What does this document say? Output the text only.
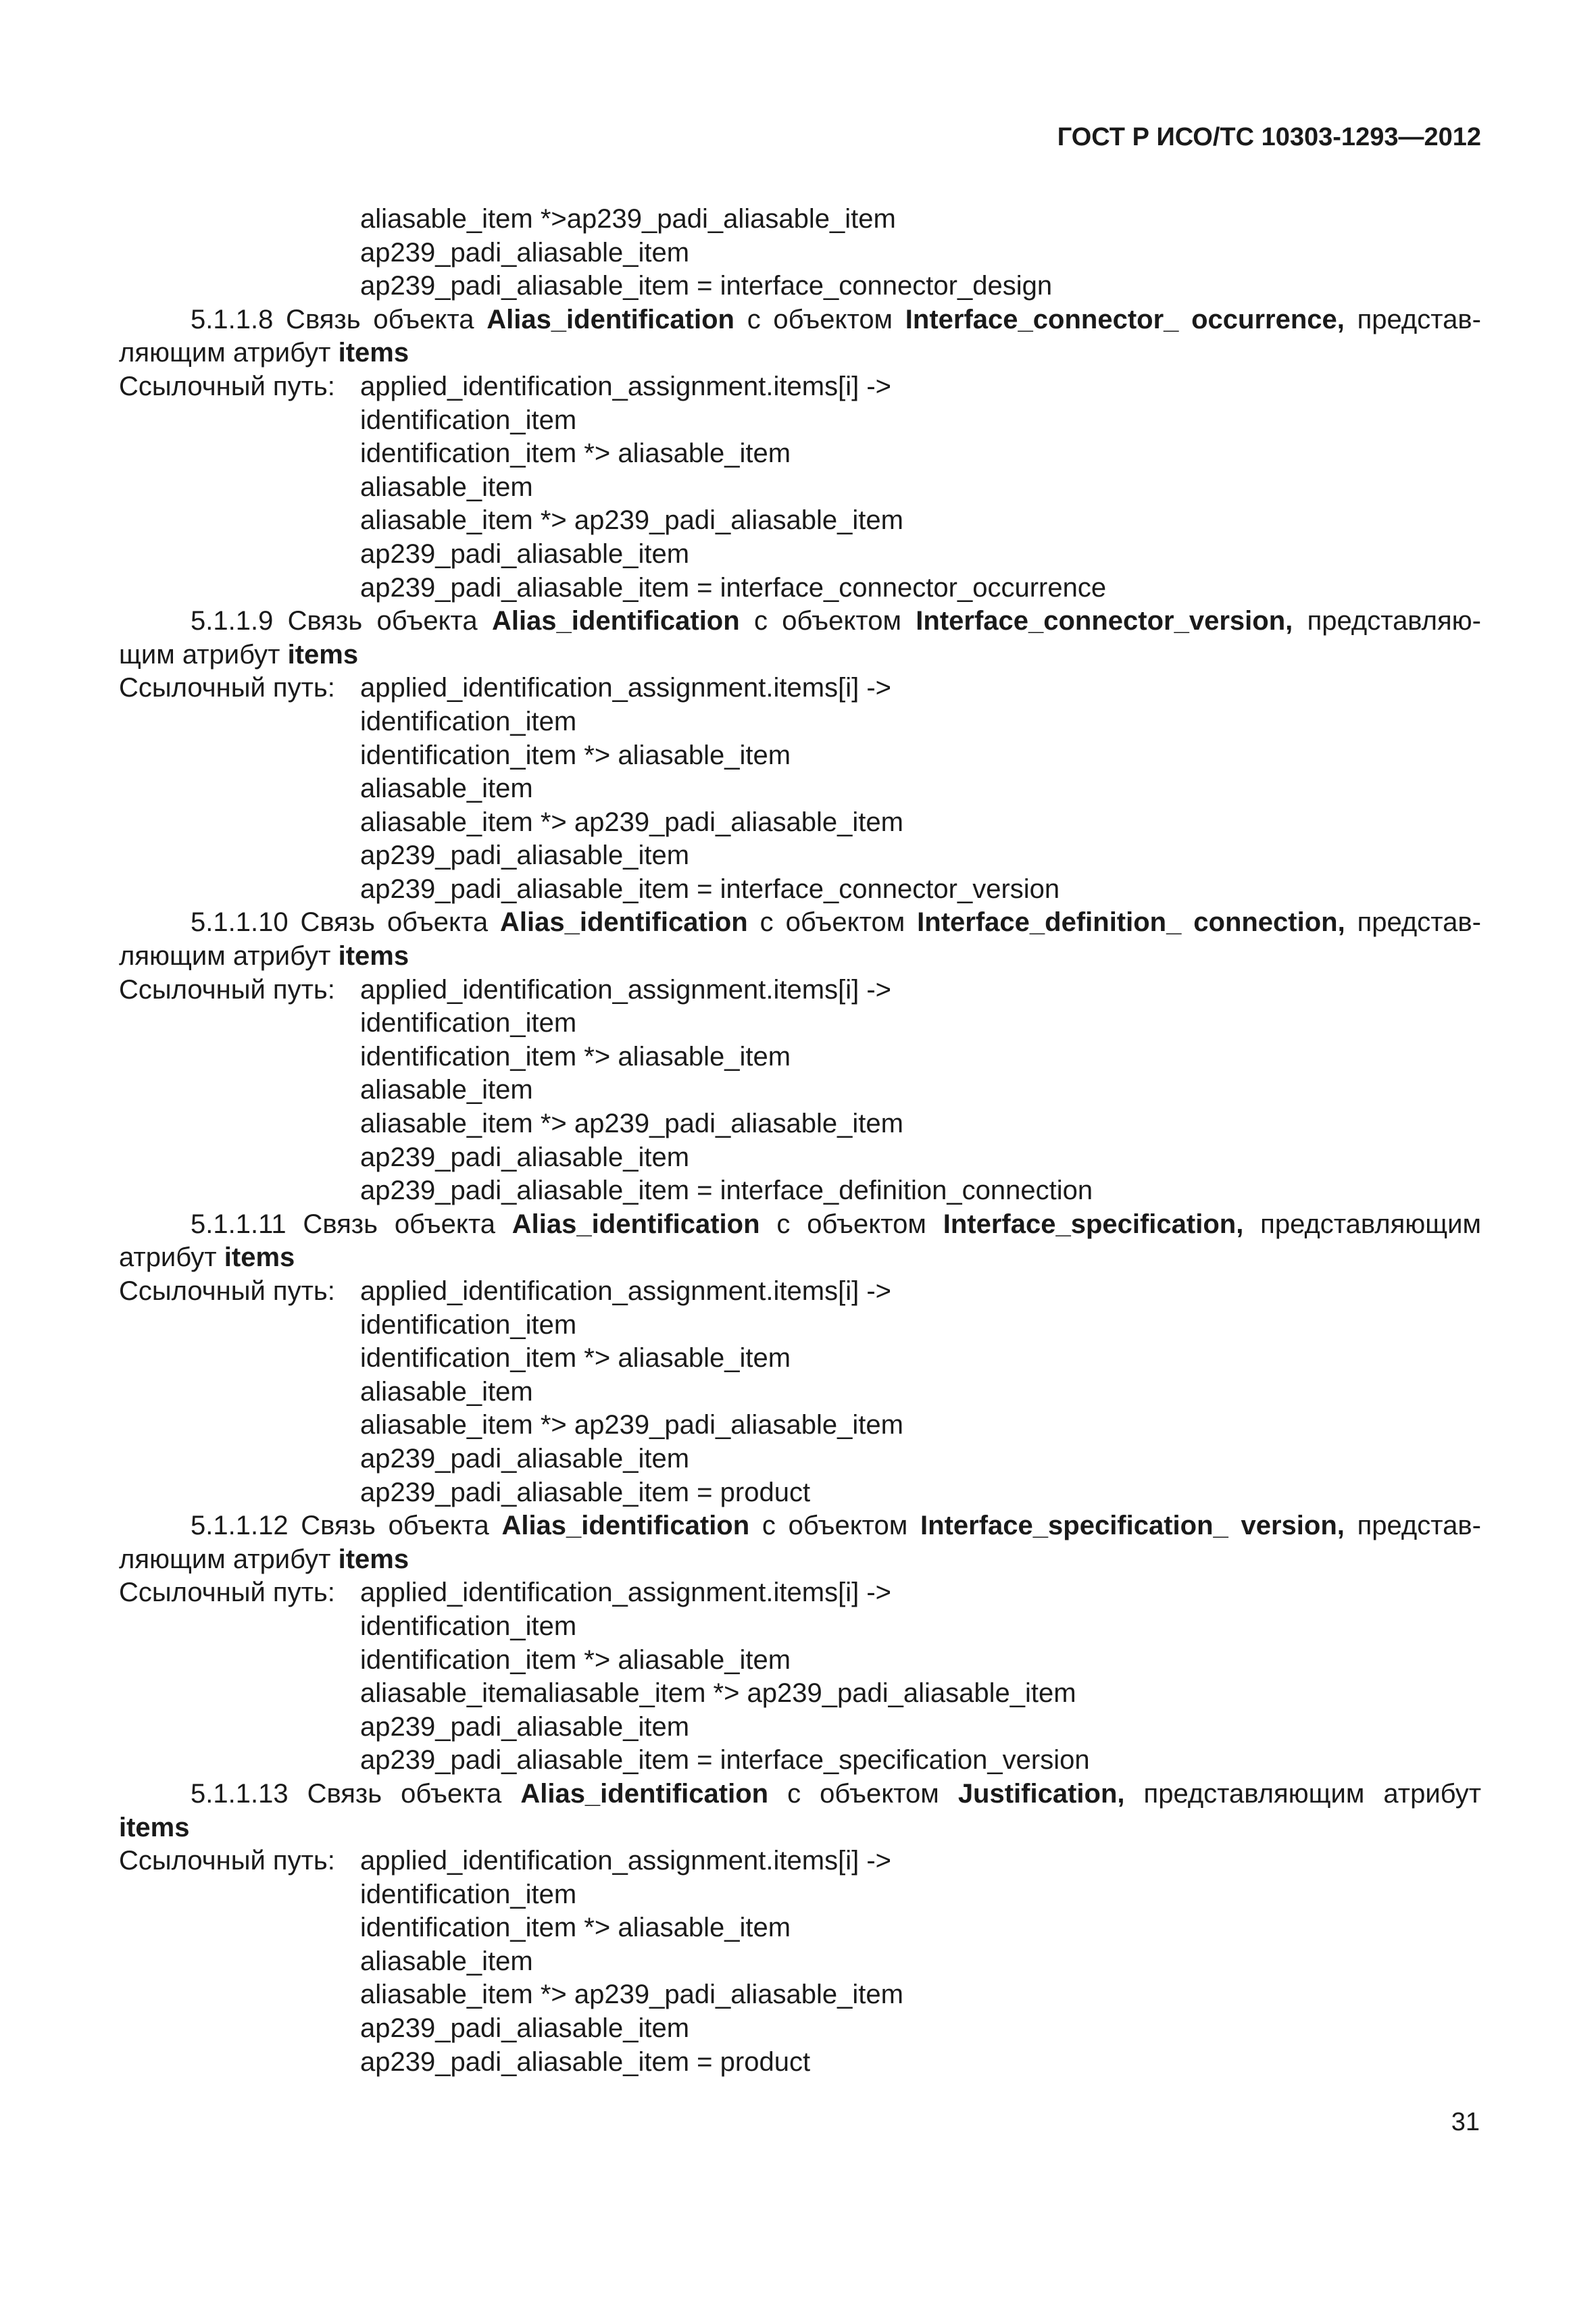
ГОСТ Р ИСО/ТС 10303-1293—2012
aliasable_item *>ap239_padi_aliasable_item
ap239_padi_aliasable_item
ap239_padi_aliasable_item = interface_connector_design
5.1.1.8 Связь объекта Alias_identification с объектом Interface_connector_ occurrence, представ-
ляющим атрибут items
Ссылочный путь: applied_identification_assignment.items[i] ->
identification_item
identification_item *> aliasable_item
aliasable_item
aliasable_item *> ap239_padi_aliasable_item
ap239_padi_aliasable_item
ap239_padi_aliasable_item = interface_connector_occurrence
5.1.1.9 Связь объекта Alias_identification с объектом Interface_connector_version, представляю-
щим атрибут items
Ссылочный путь: applied_identification_assignment.items[i] ->
identification_item
identification_item *> aliasable_item
aliasable_item
aliasable_item *> ap239_padi_aliasable_item
ap239_padi_aliasable_item
ap239_padi_aliasable_item = interface_connector_version
5.1.1.10 Связь объекта Alias_identification с объектом Interface_definition_ connection, представ-
ляющим атрибут items
Ссылочный путь: applied_identification_assignment.items[i] ->
identification_item
identification_item *> aliasable_item
aliasable_item
aliasable_item *> ap239_padi_aliasable_item
ap239_padi_aliasable_item
ap239_padi_aliasable_item = interface_definition_connection
5.1.1.11 Связь объекта Alias_identification с объектом Interface_specification, представляющим
атрибут items
Ссылочный путь: applied_identification_assignment.items[i] ->
identification_item
identification_item *> aliasable_item
aliasable_item
aliasable_item *> ap239_padi_aliasable_item
ap239_padi_aliasable_item
ap239_padi_aliasable_item = product
5.1.1.12 Связь объекта Alias_identification с объектом Interface_specification_ version, представ-
ляющим атрибут items
Ссылочный путь: applied_identification_assignment.items[i] ->
identification_item
identification_item *> aliasable_item
aliasable_itemaliasable_item *> ap239_padi_aliasable_item
ap239_padi_aliasable_item
ap239_padi_aliasable_item = interface_specification_version
5.1.1.13 Связь объекта Alias_identification с объектом Justification, представляющим атрибут
items
Ссылочный путь: applied_identification_assignment.items[i] ->
identification_item
identification_item *> aliasable_item
aliasable_item
aliasable_item *> ap239_padi_aliasable_item
ap239_padi_aliasable_item
ap239_padi_aliasable_item = product
31
